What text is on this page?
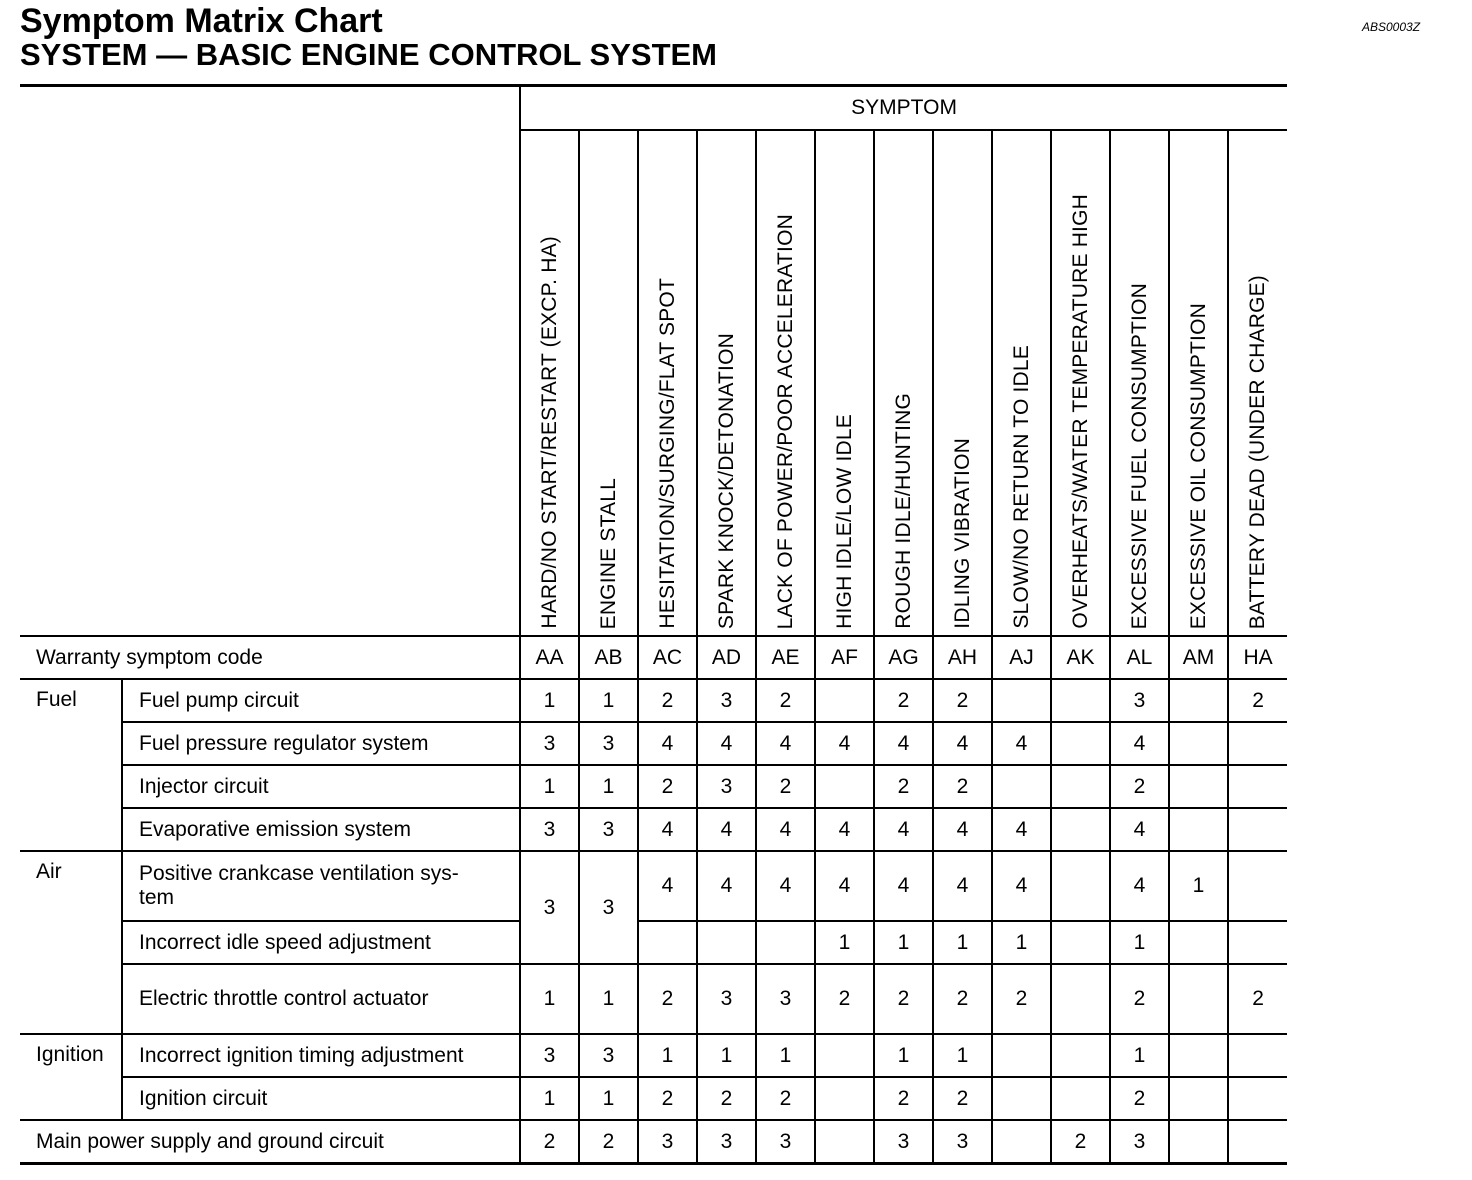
Symptom Matrix Chart
SYSTEM — BASIC ENGINE CONTROL SYSTEM
ABS0003Z
		SYMPTOM												
		HARD/NO START/RESTART (EXCP. HA)	ENGINE STALL	HESITATION/SURGING/FLAT SPOT	SPARK KNOCK/DETONATION	LACK OF POWER/POOR ACCELERATION	HIGH IDLE/LOW IDLE	ROUGH IDLE/HUNTING	IDLING VIBRATION	SLOW/NO RETURN TO IDLE	OVERHEATS/WATER TEMPERATURE HIGH	EXCESSIVE FUEL CONSUMPTION	EXCESSIVE OIL CONSUMPTION	BATTERY DEAD (UNDER CHARGE)
Warranty symptom code		AA	AB	AC	AD	AE	AF	AG	AH	AJ	AK	AL	AM	HA
Fuel	Fuel pump circuit	1	1	2	3	2		2	2			3		2
	Fuel pressure regulator system	3	3	4	4	4	4	4	4	4		4		
	Injector circuit	1	1	2	3	2		2	2			2		
	Evaporative emission system	3	3	4	4	4	4	4	4	4		4		
Air	Positive crankcase ventilation sys-
tem	3	3	4	4	4	4	4	4	4		4	1	
	Incorrect idle speed adjustment						1	1	1	1		1		
	Electric throttle control actuator	1	1	2	3	3	2	2	2	2		2		2
Ignition	Incorrect ignition timing adjustment	3	3	1	1	1		1	1			1		
	Ignition circuit	1	1	2	2	2		2	2			2		
Main power supply and ground circuit		2	2	3	3	3		3	3		2	3		
